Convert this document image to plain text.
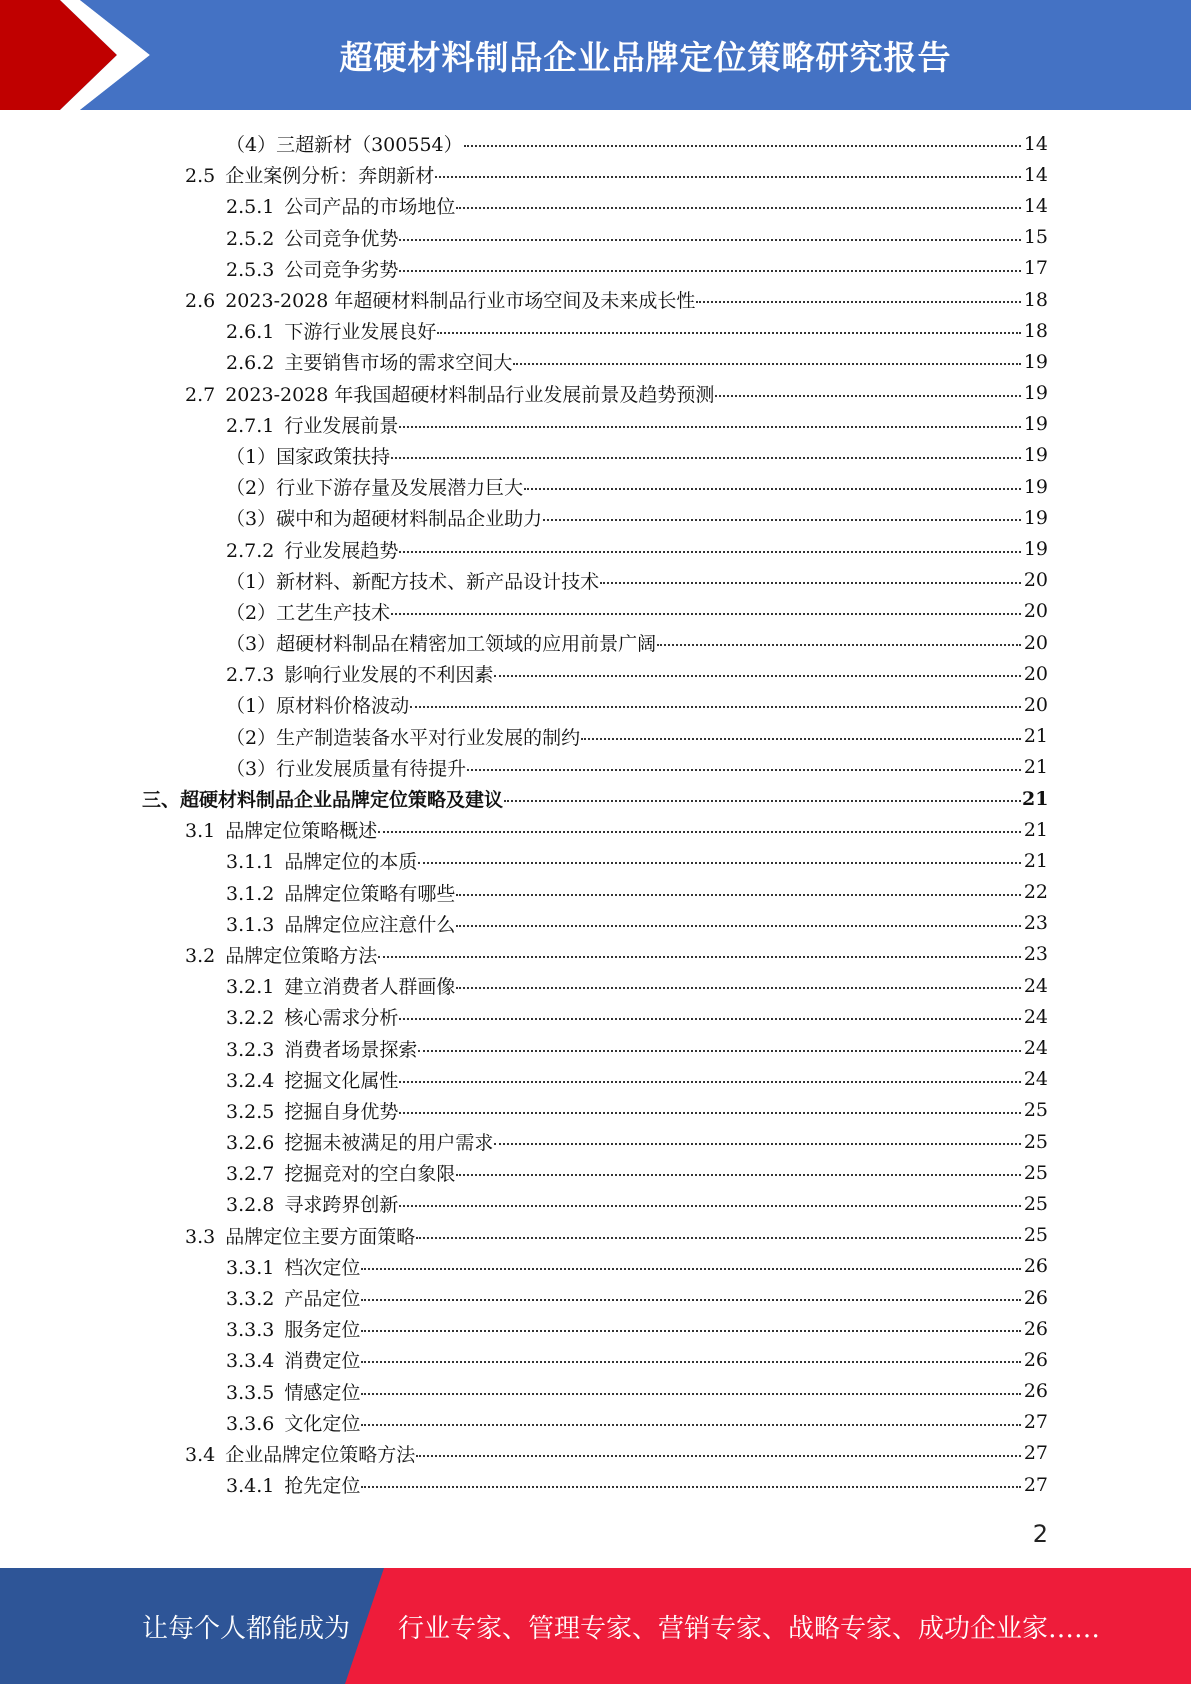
超硬材料制品企业品牌定位策略研究报告
（4） 三超新材（300554）	14
2.5 企业案例分析：奔朗新材	14
2.5.1 公司产品的市场地位	14
2.5.2 公司竞争优势	15
2.5.3 公司竞争劣势	17
2.6 2023-2028 年超硬材料制品行业市场空间及未来成长性	18
2.6.1 下游行业发展良好	18
2.6.2 主要销售市场的需求空间大	19
2.7 2023-2028 年我国超硬材料制品行业发展前景及趋势预测	19
2.7.1 行业发展前景	19
（1） 国家政策扶持	19
（2） 行业下游存量及发展潜力巨大	19
（3） 碳中和为超硬材料制品企业助力	19
2.7.2 行业发展趋势	19
（1） 新材料、新配方技术、新产品设计技术	20
（2） 工艺生产技术	20
（3） 超硬材料制品在精密加工领域的应用前景广阔	20
2.7.3 影响行业发展的不利因素	20
（1） 原材料价格波动	20
（2） 生产制造装备水平对行业发展的制约	21
（3） 行业发展质量有待提升	21
三、 超硬材料制品企业品牌定位策略及建议	21
3.1 品牌定位策略概述	21
3.1.1 品牌定位的本质	21
3.1.2 品牌定位策略有哪些	22
3.1.3 品牌定位应注意什么	23
3.2 品牌定位策略方法	23
3.2.1 建立消费者人群画像	24
3.2.2 核心需求分析	24
3.2.3 消费者场景探索	24
3.2.4 挖掘文化属性	24
3.2.5 挖掘自身优势	25
3.2.6 挖掘未被满足的用户需求	25
3.2.7 挖掘竞对的空白象限	25
3.2.8 寻求跨界创新	25
3.3 品牌定位主要方面策略	25
3.3.1 档次定位	26
3.3.2 产品定位	26
3.3.3 服务定位	26
3.3.4 消费定位	26
3.3.5 情感定位	26
3.3.6 文化定位	27
3.4 企业品牌定位策略方法	27
3.4.1 抢先定位	27
2
让每个人都能成为 行业专家、管理专家、营销专家、战略专家、成功企业家……
